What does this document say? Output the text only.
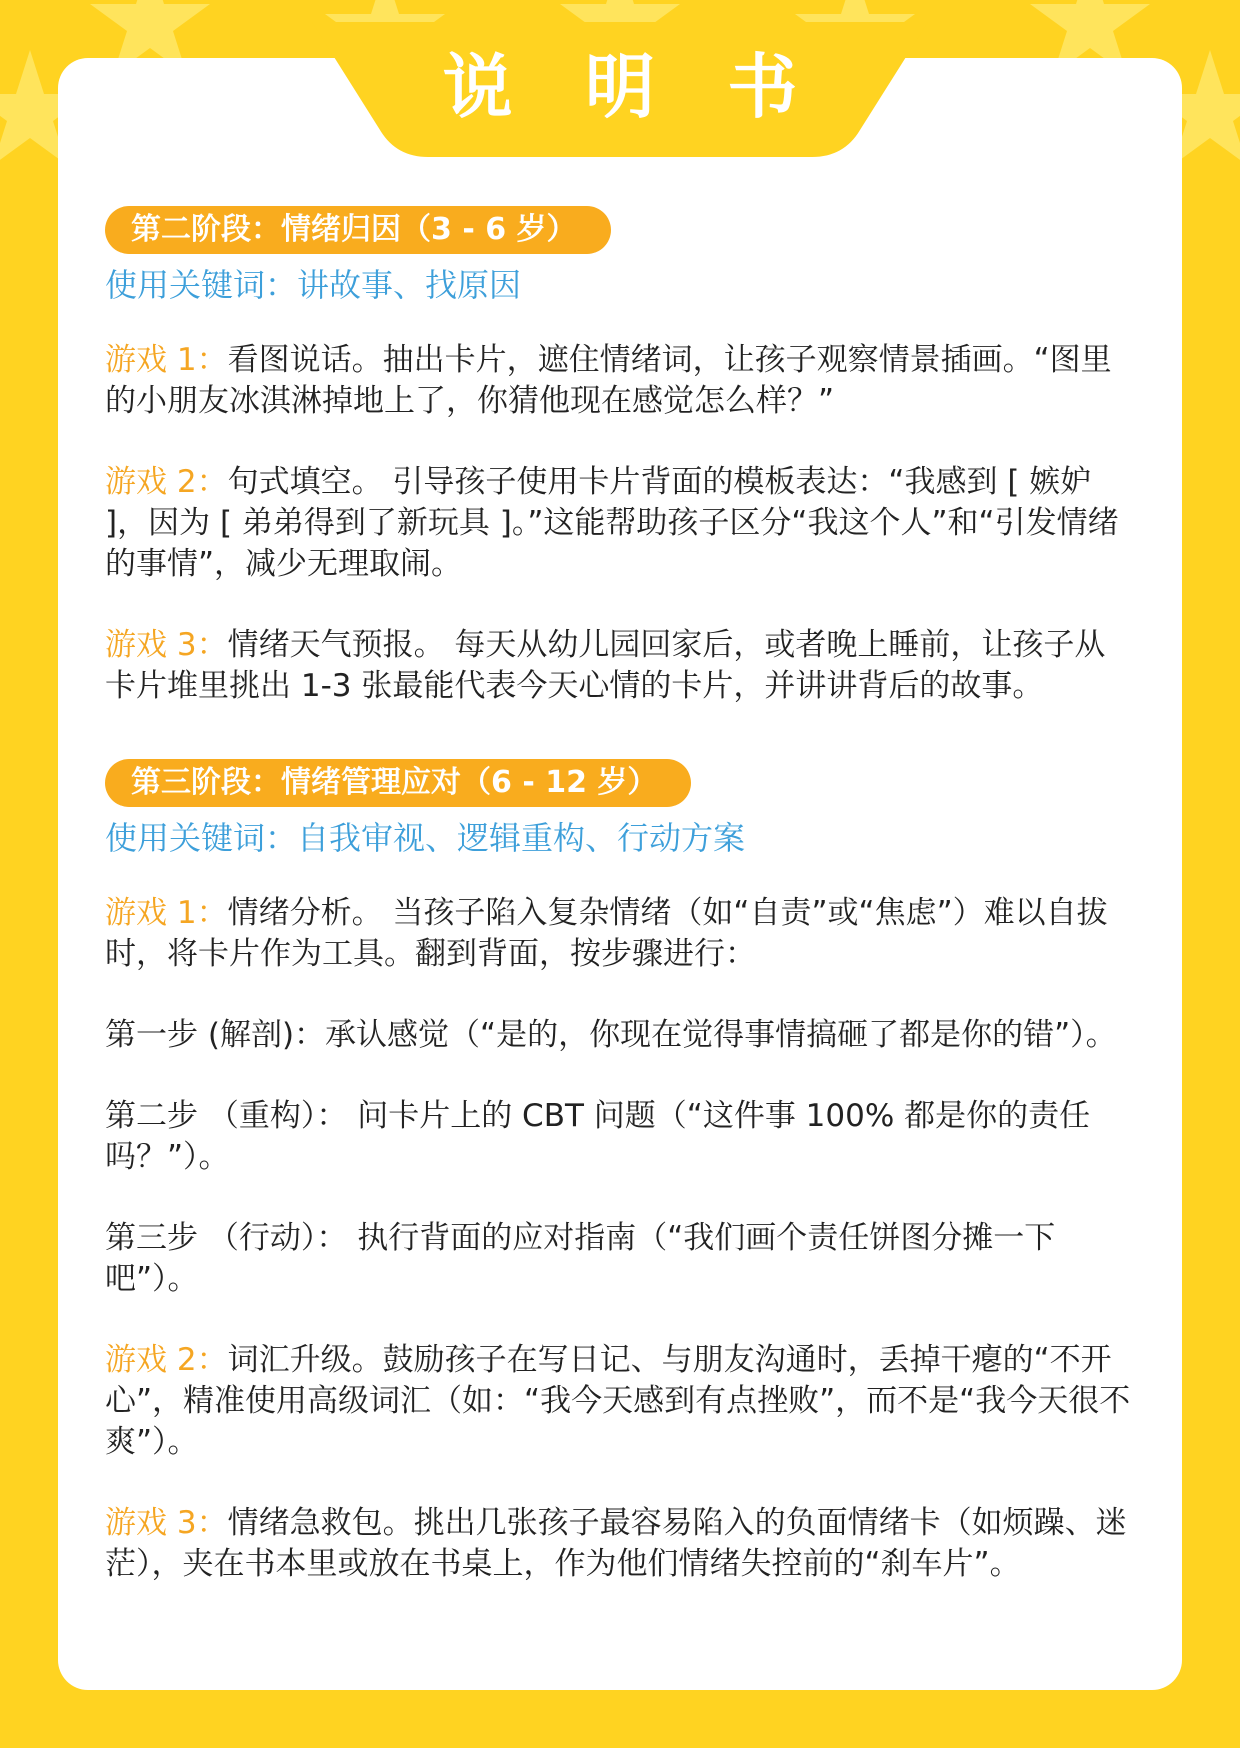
说 明 书
第二阶段：情绪归因（3 - 6 岁）
使用关键词：讲故事、找原因

游戏 1：看图说话。抽出卡片，遮住情绪词，让孩子观察情景插画。“图里的小朋友冰淇淋掉地上了，你猜他现在感觉怎么样？”

游戏 2：句式填空。 引导孩子使用卡片背面的模板表达：“我感到 [ 嫉妒 ]，因为 [ 弟弟得到了新玩具 ]。”这能帮助孩子区分“我这个人”和“引发情绪的事情”，减少无理取闹。

游戏 3：情绪天气预报。 每天从幼儿园回家后，或者晚上睡前，让孩子从卡片堆里挑出 1-3 张最能代表今天心情的卡片，并讲讲背后的故事。

第三阶段：情绪管理应对（6 - 12 岁）
使用关键词：自我审视、逻辑重构、行动方案

游戏 1：情绪分析。 当孩子陷入复杂情绪（如“自责”或“焦虑”）难以自拔时，将卡片作为工具。翻到背面，按步骤进行：

第一步 (解剖)：承认感觉（“是的，你现在觉得事情搞砸了都是你的错”）。

第二步 （重构）： 问卡片上的 CBT 问题（“这件事 100% 都是你的责任吗？”）。

第三步 （行动）： 执行背面的应对指南（“我们画个责任饼图分摊一下吧”）。

游戏 2：词汇升级。鼓励孩子在写日记、与朋友沟通时，丢掉干瘪的“不开心”，精准使用高级词汇（如：“我今天感到有点挫败”，而不是“我今天很不爽”）。

游戏 3：情绪急救包。挑出几张孩子最容易陷入的负面情绪卡（如烦躁、迷茫），夹在书本里或放在书桌上，作为他们情绪失控前的“刹车片”。
